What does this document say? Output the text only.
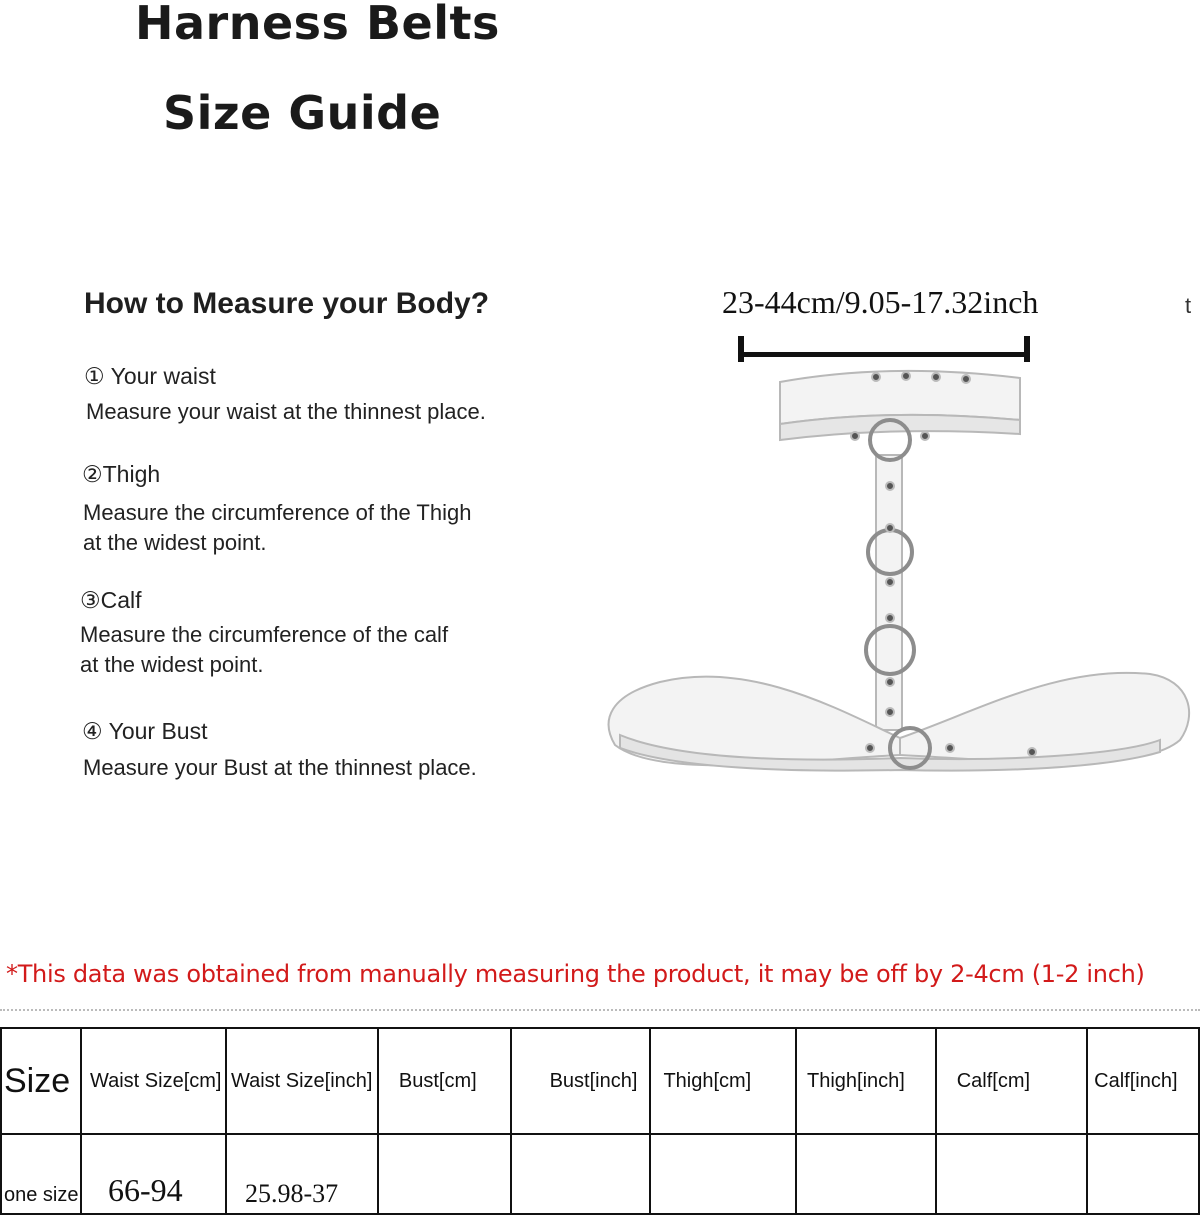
Harness Belts
Size Guide
How to Measure your Body?
① Your waist
Measure your waist at the thinnest place.
②Thigh
Measure the circumference of the Thigh
at the widest point.
③Calf
Measure the circumference of the calf
at the widest point.
④ Your Bust
Measure your Bust at the thinnest place.
23-44cm/9.05-17.32inch	t
*This data was obtained from manually measuring the product, it may be off by 2-4cm (1-2 inch)
Size	Waist Size[cm]	Waist Size[inch]	Bust[cm]	Bust[inch]	Thigh[cm]	Thigh[inch]	Calf[cm]	Calf[inch]
one size	66-94	25.98-37						
